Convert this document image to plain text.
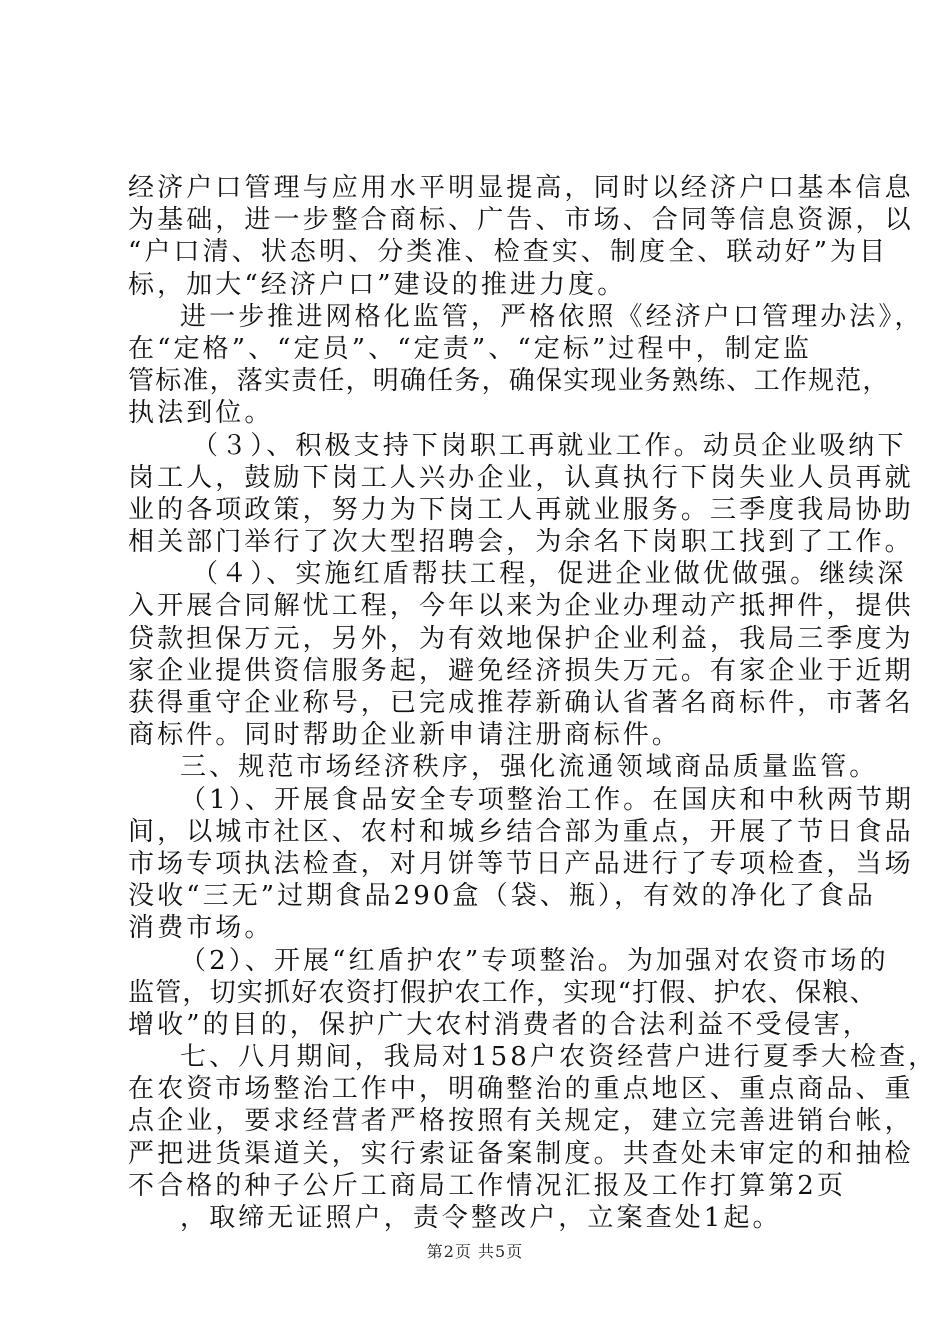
经济户口管理与应用水平明显提高，同时以经济户口基本信息
为基础，进一步整合商标、广告、市场、合同等信息资源，以
“户口清、状态明、分类准、检查实、制度全、联动好”为目
标，加大“经济户口”建设的推进力度。
进一步推进网格化监管，严格依照《经济户口管理办法》，
在“定格”、“定员”、“定责”、“定标”过程中，制定监
管标准，落实责任，明确任务，确保实现业务熟练、工作规范，
执法到位。
（３）、积极支持下岗职工再就业工作。动员企业吸纳下
岗工人，鼓励下岗工人兴办企业，认真执行下岗失业人员再就
业的各项政策，努力为下岗工人再就业服务。三季度我局协助
相关部门举行了次大型招聘会，为余名下岗职工找到了工作。
（４）、实施红盾帮扶工程，促进企业做优做强。继续深
入开展合同解忧工程，今年以来为企业办理动产抵押件，提供
贷款担保万元，另外，为有效地保护企业利益，我局三季度为
家企业提供资信服务起，避免经济损失万元。有家企业于近期
获得重守企业称号，已完成推荐新确认省著名商标件，市著名
商标件。同时帮助企业新申请注册商标件。
三、规范市场经济秩序，强化流通领域商品质量监管。
（1）、开展食品安全专项整治工作。在国庆和中秋两节期
间，以城市社区、农村和城乡结合部为重点，开展了节日食品
市场专项执法检查，对月饼等节日产品进行了专项检查，当场
没收“三无”过期食品290盒（袋、瓶），有效的净化了食品
消费市场。
（2）、开展“红盾护农”专项整治。为加强对农资市场的
监管，切实抓好农资打假护农工作，实现“打假、护农、保粮、
增收”的目的，保护广大农村消费者的合法利益不受侵害，
七、八月期间，我局对158户农资经营户进行夏季大检查，
在农资市场整治工作中，明确整治的重点地区、重点商品、重
点企业，要求经营者严格按照有关规定，建立完善进销台帐，
严把进货渠道关，实行索证备案制度。共查处未审定的和抽检
不合格的种子公斤工商局工作情况汇报及工作打算第2页
，取缔无证照户，责令整改户，立案查处1起。
第2页 共5页
